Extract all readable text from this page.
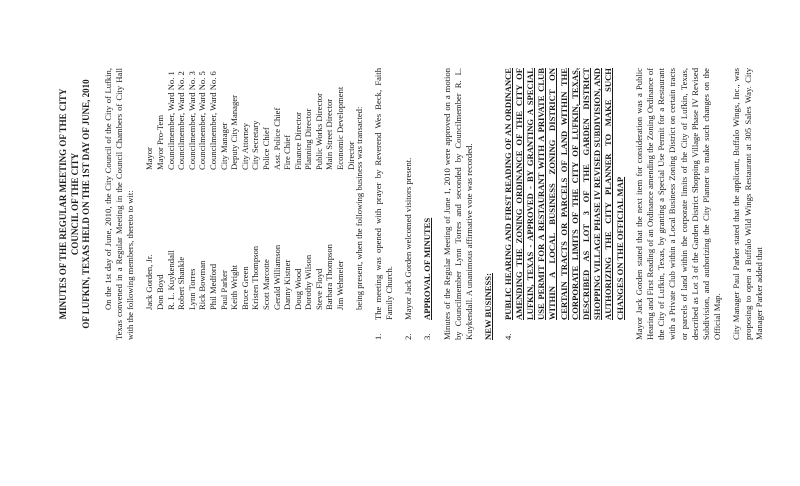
MINUTES OF THE REGULAR MEETING OF THE CITY COUNCIL OF THE CITY OF LUFKIN, TEXAS HELD ON THE 1ST DAY OF JUNE, 2010 On the 1st day of June, 2010, the City Council of the City of Lufkin, Texas convened in a Regular Meeting in the Council Chambers of City Hall with the following members, thereto to wit: Jack Gorden, Jr.
Mayor
Don Boyd
Mayor Pro-Tem
R. L. Kuykendall
Councilmember, Ward No. 1
Robert Shankle
Councilmember, Ward No. 2
Lynn Torres
Councilmember, Ward No. 3
Rick Bowman
Councilmember, Ward No. 5
Phil Medford
Councilmember, Ward No. 6
Paul Parker
City Manager
Keith Wright
Deputy City Manager
Bruce Green
City Attorney
Kristen Thompson
City Secretary
Scott Marcotte
Police Chief
Gerald Williamson
Asst. Police Chief
Danny Kistner
Fire Chief
Doug Wood
Finance Director
Dorothy Wilson
Planning Director
Steve Floyd
Public Works Director
Barbara Thompson
Main Street Director
Jim Wehmeier
Economic Development Director

being present, when the following business was transacted:

1.
The meeting was opened with prayer by Reverend Wes Beck, Faith Family Church.
2.
Mayor Jack Gorden welcomed visitors present.
3.
APPROVAL OF MINUTES Minutes of the Regular Meeting of June 1, 2010 were approved on a motion by Councilmember Lynn Torres and seconded by Councilmember R. L. Kuykendall. A unanimous affirmative vote was recorded. NEW BUSINESS: 4.
PUBLIC HEARING AND FIRST READING OF AN ORDINANCE AMENDING THE ZONING ORDINANCE OF THE CITY OF LUFKIN, TEXAS - APPROVED - BY GRANTING A SPECIAL USE PERMIT FOR A RESTAURANT WITH A PRIVATE CLUB WITHIN A LOCAL BUSINESS ZONING DISTRICT ON CERTAIN TRACTS OR PARCELS OF LAND WITHIN THE CORPORATE LIMITS OF THE CITY OF LUFKIN, TEXAS, DESCRIBED AS LOT 3 OF THE GARDEN DISTRICT SHOPPING VILLAGE PHASE IV REVISED SUBDIVISION, AND AUTHORIZING THE CITY PLANNER TO MAKE SUCH CHANGES ON THE OFFICIAL MAP Mayor Jack Gorden stated that the next item for consideration was a Public Hearing and First Reading of an Ordinance amending the Zoning Ordinance of the City of Lufkin, Texas, by granting a Special Use Permit for a Restaurant with a Private Club within a Local Business Zoning District on certain tracts or parcels of land within the corporate limits of the City of Lufkin, Texas, described as Lot 3 of the Garden District Shopping Village Phase IV Revised Subdivision, and authorizing the City Planner to make such changes on the Official Map. City Manager Paul Parker stated that the applicant, Buffalo Wings, Inc., was proposing to open a Buffalo Wild Wings Restaurant at 305 Sales Way. City Manager Parker added that
